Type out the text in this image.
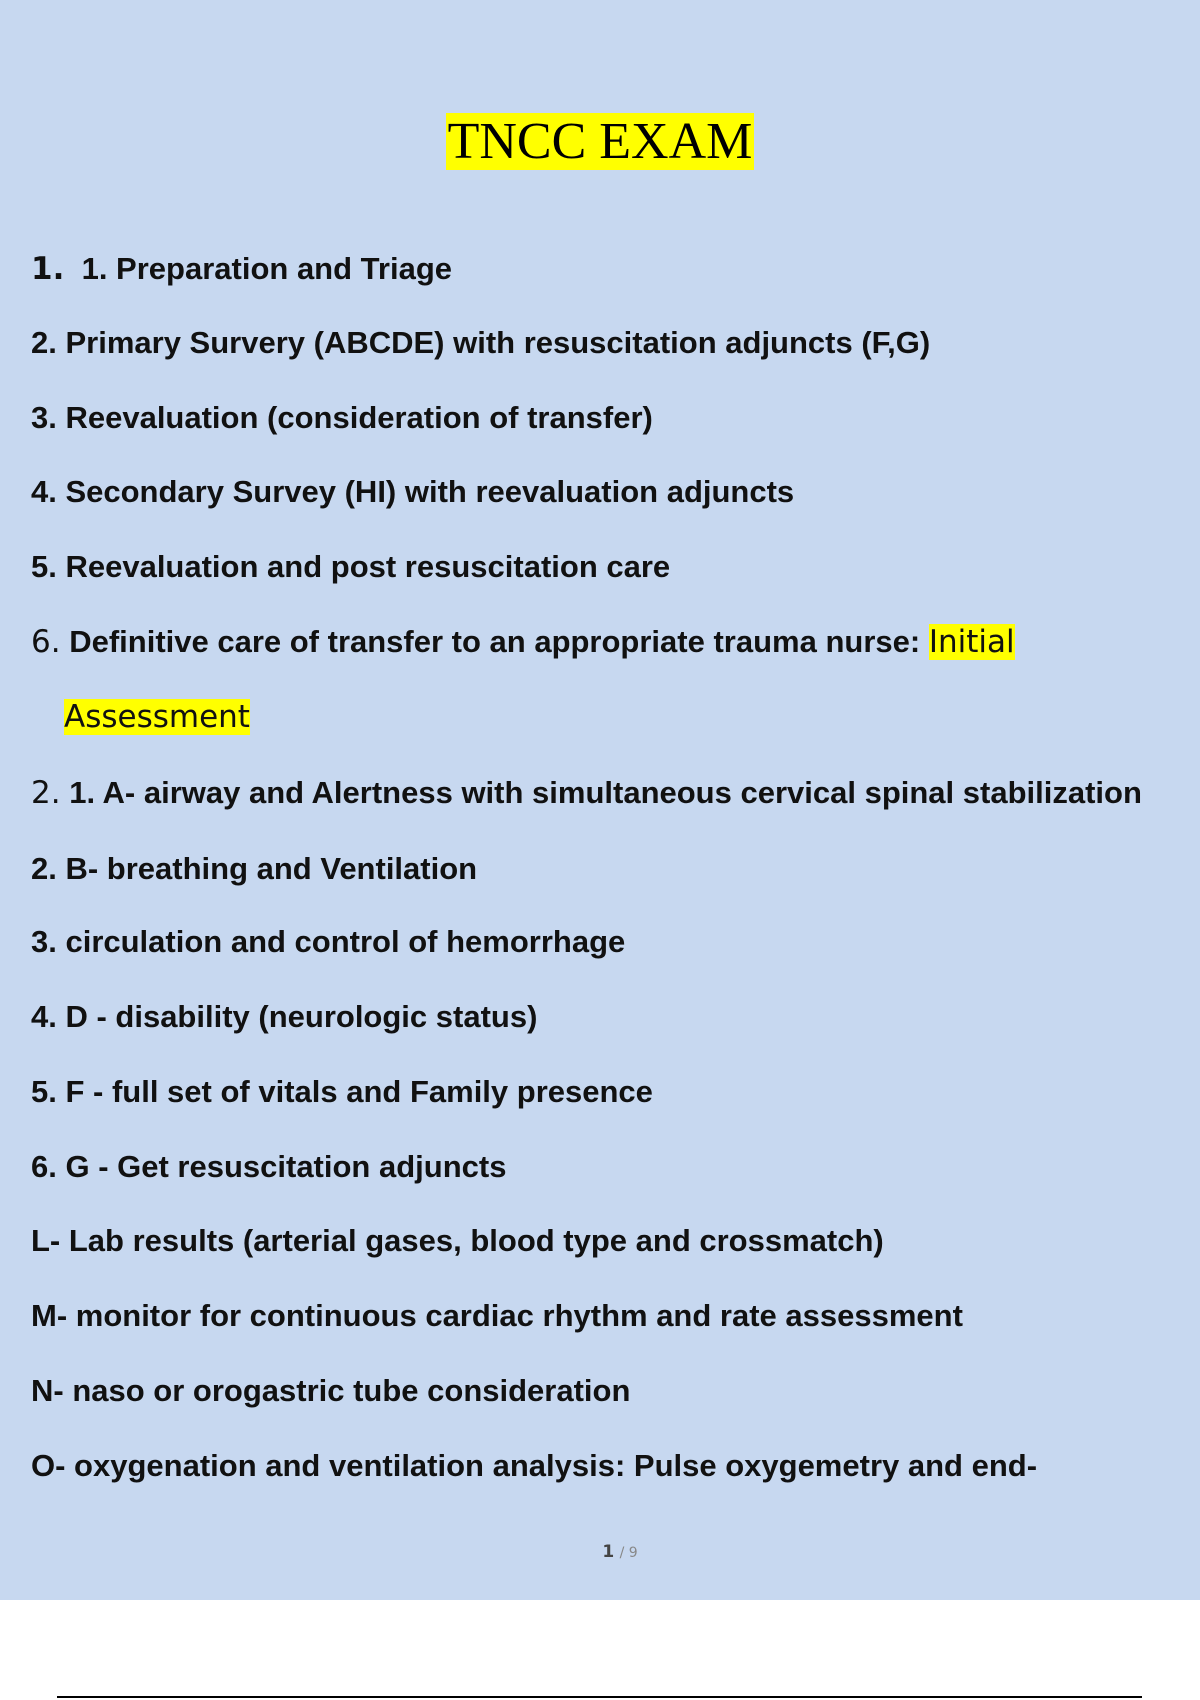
TNCC EXAM
1. 1. Preparation and Triage
2. Primary Survery (ABCDE) with resuscitation adjuncts (F,G)
3. Reevaluation (consideration of transfer)
4. Secondary Survey (HI) with reevaluation adjuncts
5. Reevaluation and post resuscitation care
6. Definitive care of transfer to an appropriate trauma nurse: Initial
Assessment
2. 1. A- airway and Alertness with simultaneous cervical spinal stabilization
2. B- breathing and Ventilation
3. circulation and control of hemorrhage
4. D - disability (neurologic status)
5. F - full set of vitals and Family presence
6. G - Get resuscitation adjuncts
L- Lab results (arterial gases, blood type and crossmatch)
M- monitor for continuous cardiac rhythm and rate assessment
N- naso or orogastric tube consideration
O- oxygenation and ventilation analysis: Pulse oxygemetry and end-
1 / 9
